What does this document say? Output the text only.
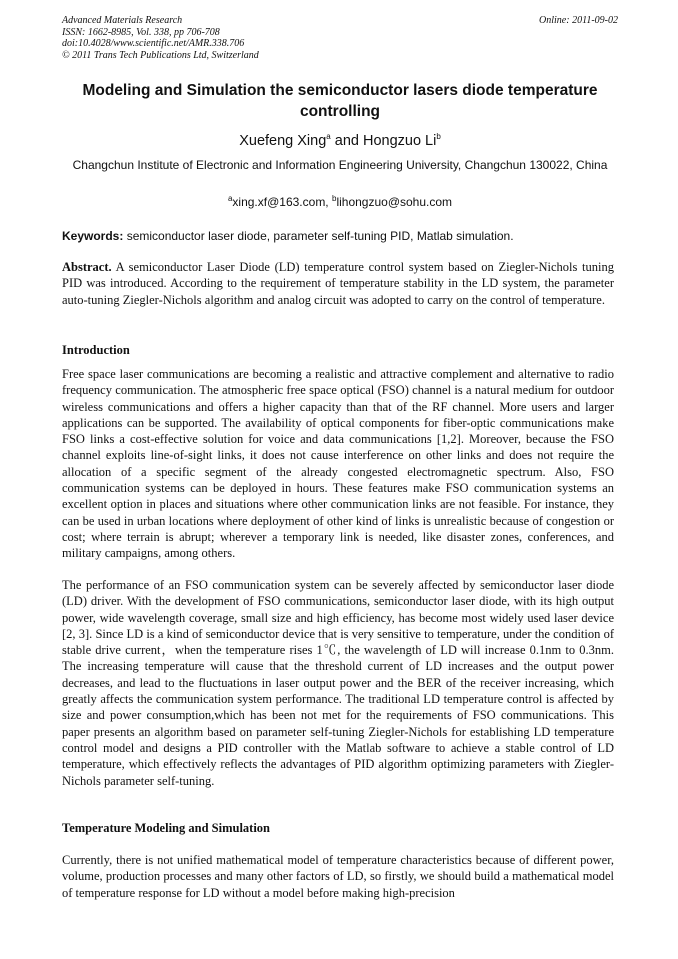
Advanced Materials Research
ISSN: 1662-8985, Vol. 338, pp 706-708
doi:10.4028/www.scientific.net/AMR.338.706
© 2011 Trans Tech Publications Ltd, Switzerland
Online: 2011-09-02
Modeling and Simulation the semiconductor lasers diode temperature controlling
Xuefeng Xing$^a$ and Hongzuo Li$^b$
Changchun Institute of Electronic and Information Engineering University, Changchun 130022, China
$^a$xing.xf@163.com, $^b$lihongzuo@sohu.com
Keywords: semiconductor laser diode, parameter self-tuning PID, Matlab simulation.
Abstract. A semiconductor Laser Diode (LD) temperature control system based on Ziegler-Nichols tuning PID was introduced. According to the requirement of temperature stability in the LD system, the parameter auto-tuning Ziegler-Nichols algorithm and analog circuit was adopted to carry on the control of temperature.
Introduction
Free space laser communications are becoming a realistic and attractive complement and alternative to radio frequency communication. The atmospheric free space optical (FSO) channel is a natural medium for outdoor wireless communications and offers a higher capacity than that of the RF channel. More users and larger applications can be supported. The availability of optical components for fiber-optic communications make FSO links a cost-effective solution for voice and data communications [1,2]. Moreover, because the FSO channel exploits line-of-sight links, it does not cause interference on other links and does not require the allocation of a specific segment of the already congested electromagnetic spectrum. Also, FSO communication systems can be deployed in hours. These features make FSO communication systems an excellent option in places and situations where other communication links are not feasible. For instance, they can be used in urban locations where deployment of other kind of links is unrealistic because of congestion or cost; where terrain is abrupt; wherever a temporary link is needed, like disaster zones, conferences, and military campaigns, among others.
The performance of an FSO communication system can be severely affected by semiconductor laser diode (LD) driver. With the development of FSO communications, semiconductor laser diode, with its high output power, wide wavelength coverage, small size and high efficiency, has become most widely used laser device [2, 3]. Since LD is a kind of semiconductor device that is very sensitive to temperature, under the condition of stable drive current，when the temperature rises 1℃, the wavelength of LD will increase 0.1nm to 0.3nm. The increasing temperature will cause that the threshold current of LD increases and the output power decreases, and lead to the fluctuations in laser output power and the BER of the receiver increasing, which greatly affects the communication system performance. The traditional LD temperature control is affected by size and power consumption,which has been not met for the requirements of FSO communications. This paper presents an algorithm based on parameter self-tuning Ziegler-Nichols for establishing LD temperature control model and designs a PID controller with the Matlab software to achieve a stable control of LD temperature, which effectively reflects the advantages of PID algorithm optimizing parameters with Ziegler-Nichols parameter self-tuning.
Temperature Modeling and Simulation
Currently, there is not unified mathematical model of temperature characteristics because of different power, volume, production processes and many other factors of LD, so firstly, we should build a mathematical model of temperature response for LD without a model before making high-precision
